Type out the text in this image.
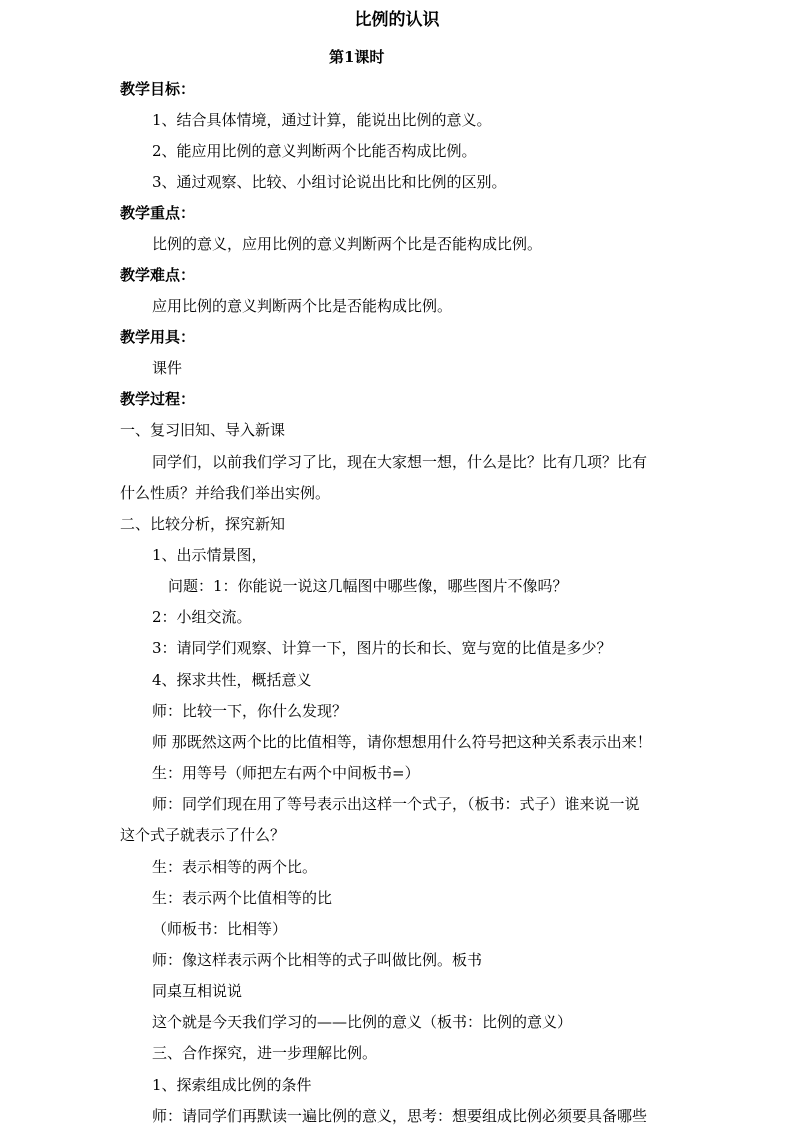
比例的认识
第1课时
教学目标：
1、结合具体情境，通过计算，能说出比例的意义。
2、能应用比例的意义判断两个比能否构成比例。
3、通过观察、比较、小组讨论说出比和比例的区别。
教学重点：
比例的意义，应用比例的意义判断两个比是否能构成比例。
教学难点：
应用比例的意义判断两个比是否能构成比例。
教学用具：
课件
教学过程：
一、复习旧知、导入新课
同学们，以前我们学习了比，现在大家想一想，什么是比？比有几项？比有
什么性质？并给我们举出实例。
二、比较分析，探究新知
1、出示情景图，
问题：1：你能说一说这几幅图中哪些像，哪些图片不像吗？
2：小组交流。
3：请同学们观察、计算一下，图片的长和长、宽与宽的比值是多少？
4、探求共性，概括意义
师：比较一下，你什么发现？
师 那既然这两个比的比值相等，请你想想用什么符号把这种关系表示出来！
生：用等号（师把左右两个中间板书=）
师：同学们现在用了等号表示出这样一个式子，（板书：式子）谁来说一说
这个式子就表示了什么？
生：表示相等的两个比。
生：表示两个比值相等的比
（师板书：比相等）
师：像这样表示两个比相等的式子叫做比例。板书
同桌互相说说
这个就是今天我们学习的——比例的意义（板书：比例的意义）
三、合作探究，进一步理解比例。
1、探索组成比例的条件
师：请同学们再默读一遍比例的意义，思考：想要组成比例必须要具备哪些
